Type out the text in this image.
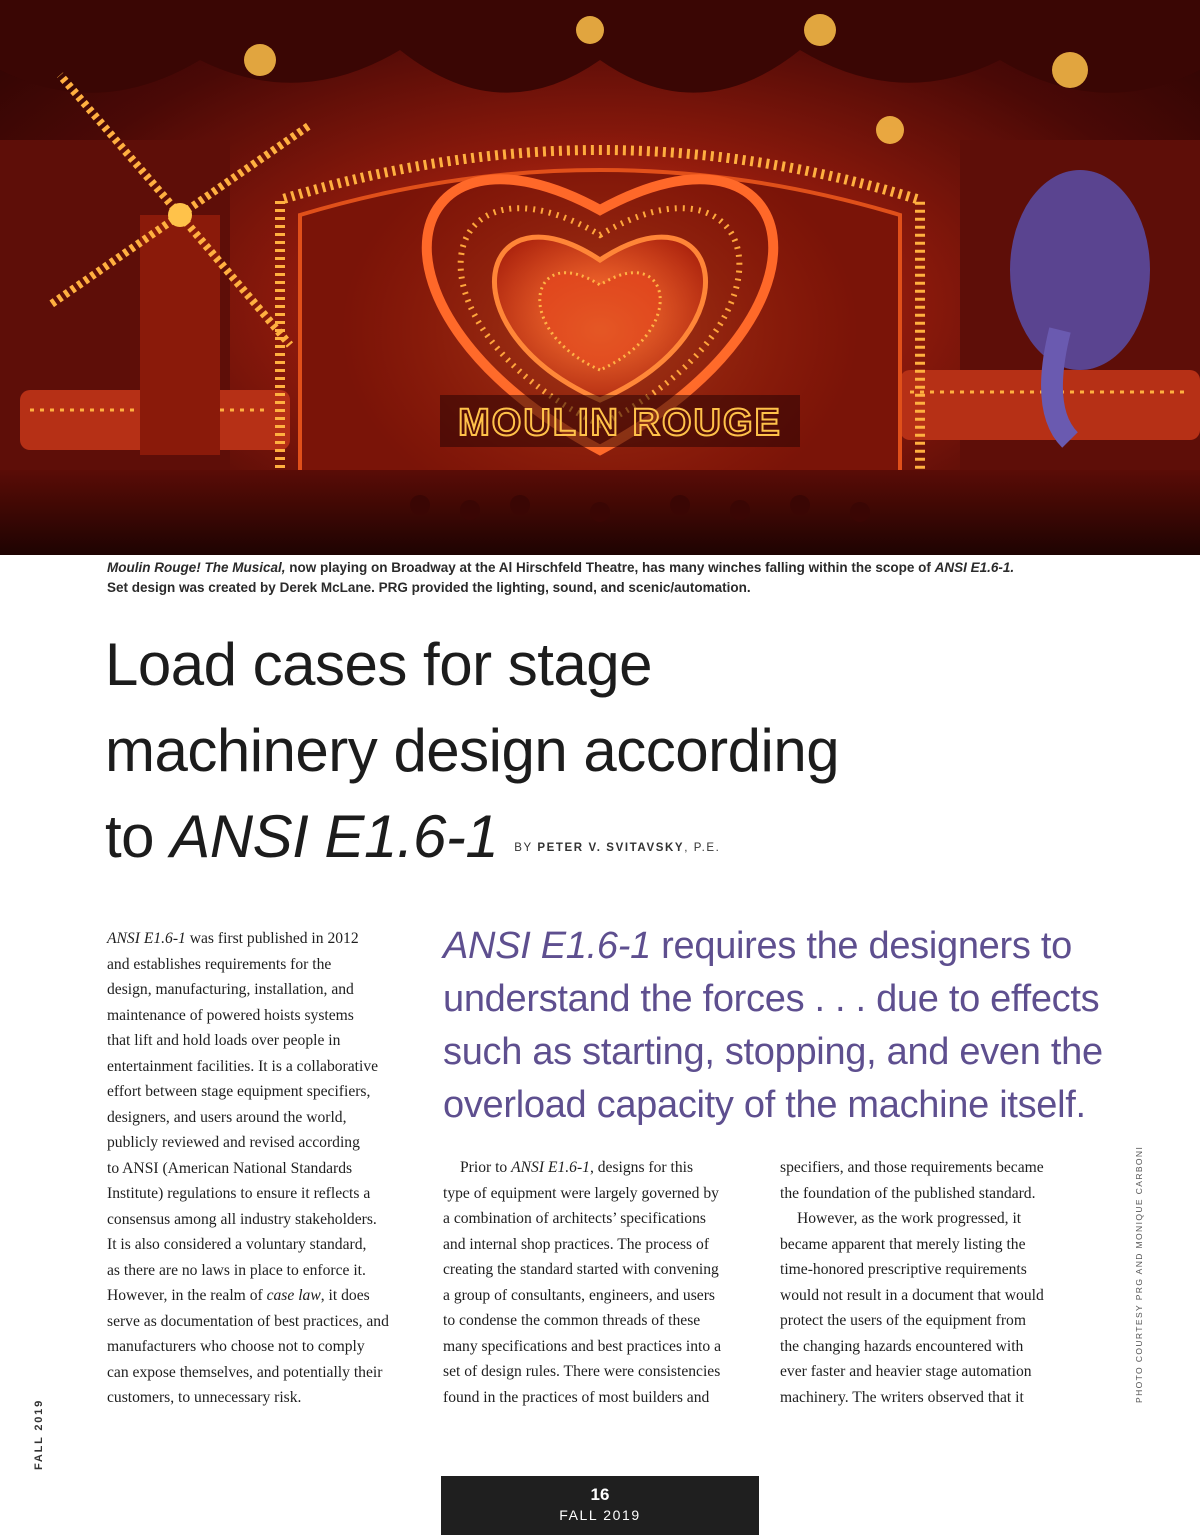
MOULIN ROUGE
Moulin Rouge! The Musical, now playing on Broadway at the Al Hirschfeld Theatre, has many winches falling within the scope of ANSI E1.6-1.
Set design was created by Derek McLane. PRG provided the lighting, sound, and scenic/automation.
Load cases for stage
machinery design according
to ANSI E1.6-1 BY PETER V. SVITAVSKY, P.E.

ANSI E1.6-1 was first published in 2012
and establishes requirements for the
design, manufacturing, installation, and
maintenance of powered hoists systems
that lift and hold loads over people in
entertainment facilities. It is a collaborative
effort between stage equipment specifiers,
designers, and users around the world,
publicly reviewed and revised according
to ANSI (American National Standards
Institute) regulations to ensure it reflects a
consensus among all industry stakeholders.
It is also considered a voluntary standard,
as there are no laws in place to enforce it.
However, in the realm of case law, it does
serve as documentation of best practices, and
manufacturers who choose not to comply
can expose themselves, and potentially their
customers, to unnecessary risk.

ANSI E1.6-1 requires the designers to
understand the forces . . . due to effects
such as starting, stopping, and even the
overload capacity of the machine itself.

Prior to ANSI E1.6-1, designs for this
type of equipment were largely governed by
a combination of architects’ specifications
and internal shop practices. The process of
creating the standard started with convening
a group of consultants, engineers, and users
to condense the common threads of these
many specifications and best practices into a
set of design rules. There were consistencies
found in the practices of most builders and

specifiers, and those requirements became
the foundation of the published standard.

However, as the work progressed, it
became apparent that merely listing the
time-honored prescriptive requirements
would not result in a document that would
protect the users of the equipment from
the changing hazards encountered with
ever faster and heavier stage automation
machinery. The writers observed that it	PHOTO COURTESY PRG AND MONIQUE CARBONI
FALL 2019
16
FALL 2019
